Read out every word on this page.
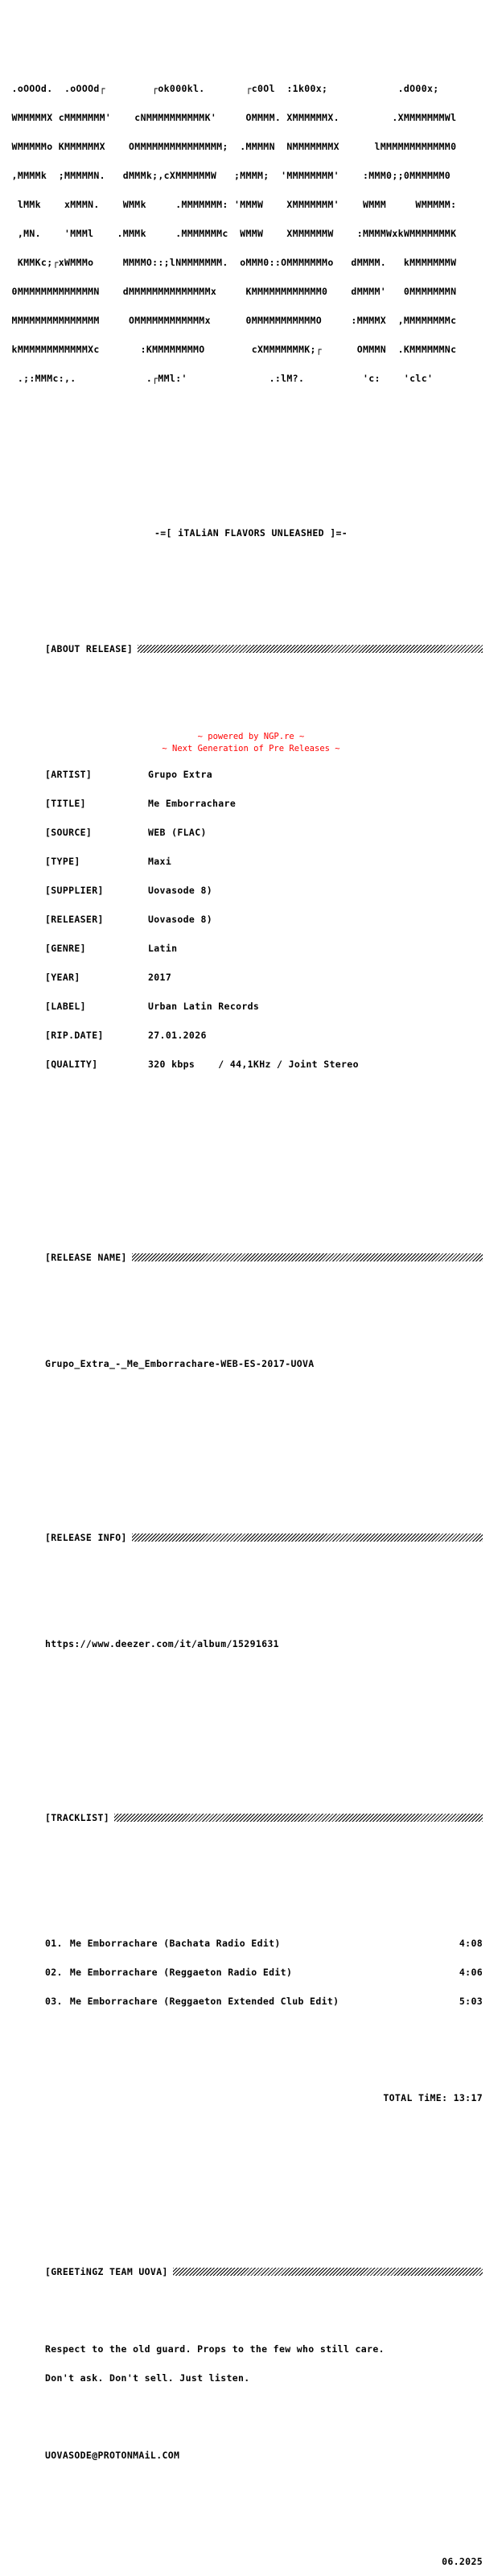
.oOOOd.  .oOOOd┌        ┌ok000kl.       ┌c0Ol  :1k00x;            .dO00x;

WMMMMMX cMMMMMMM'    cNMMMMMMMMMMK'     OMMMM. XMMMMMMX.         .XMMMMMMMWl

WMMMMMo KMMMMMMX    OMMMMMMMMMMMMMMM;  .MMMMN  NMMMMMMMX      lMMMMMMMMMMMM0

,MMMMk  ;MMMMMN.   dMMMk;,cXMMMMMMW   ;MMMM;  'MMMMMMMM'    :MMM0;;0MMMMMM0

lMMk    xMMMN.    WMMk     .MMMMMMM: 'MMMW    XMMMMMMM'    WMMM     WMMMMM:

,MN.    'MMMl    .MMMk     .MMMMMMMc  WMMW    XMMMMMMW    :MMMMWxkWMMMMMMMK

KMMKc;┌xWMMMo     MMMMO::;lNMMMMMMM.  oMMM0::OMMMMMMMo   dMMMM.   kMMMMMMMW

0MMMMMMMMMMMMMN    dMMMMMMMMMMMMMMx     KMMMMMMMMMMMM0    dMMMM'   0MMMMMMMN

MMMMMMMMMMMMMMM     OMMMMMMMMMMMMx      0MMMMMMMMMMMO     :MMMMX  ,MMMMMMMMc

kMMMMMMMMMMMMXc       :KMMMMMMMMO        cXMMMMMMMK;┌      OMMMN  .KMMMMMMNc

.;:MMMc:,.            .┌MMl:'              .:lM?.          'c:    'clc'

-=[ iTALiAN FLAVORS UNLEASHED ]=-

[ABOUT RELEASE]

[ARTIST]	Grupo Extra

[TITLE]	Me Emborrachare

[SOURCE]	WEB (FLAC)

[TYPE]	Maxi

[SUPPLIER]	Uovasode 8)

[RELEASER]	Uovasode 8)

[GENRE]	Latin

[YEAR]	2017

[LABEL]	Urban Latin Records

[RIP.DATE]	27.01.2026

[QUALITY]	320 kbps    / 44,1KHz / Joint Stereo

[RELEASE NAME]

Grupo_Extra_-_Me_Emborrachare-WEB-ES-2017-UOVA

[RELEASE INFO]

https://www.deezer.com/it/album/15291631

[TRACKLIST]

01. Me Emborrachare (Bachata Radio Edit)	4:08

02. Me Emborrachare (Reggaeton Radio Edit)	4:06

03. Me Emborrachare (Reggaeton Extended Club Edit)	5:03

TOTAL TiME: 13:17

[GREETiNGZ TEAM UOVA]

Respect to the old guard. Props to the few who still care.

Don't ask. Don't sell. Just listen.

UOVASODE@PROTONMAiL.COM

06.2025

~ powered by NGP.re ~
~ Next Generation of Pre Releases ~
